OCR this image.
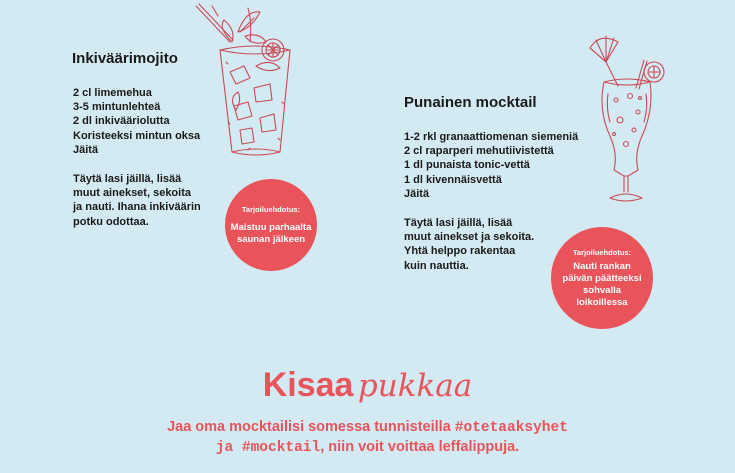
Inkiväärimojito
2 cl limemehua
3-5 mintunlehteä
2 dl inkivääriolutta
Koristeeksi mintun oksa
Jäitä
Täytä lasi jäillä, lisää
muut ainekset, sekoita
ja nauti. Ihana inkiväärin
potku odottaa.
Tarjoiluehdotus:
Maistuu parhaalta
saunan jälkeen
Punainen mocktail
1-2 rkl granaattiomenan siemeniä
2 cl raparperi mehutiivistettä
1 dl punaista tonic-vettä
1 dl kivennäisvettä
Jäitä
Täytä lasi jäillä, lisää
muut ainekset ja sekoita.
Yhtä helppo rakentaa
kuin nauttia.
Tarjoiluehdotus:
Nauti rankan
päivän päätteeksi
sohvalla
loikoillessa
Kisaa pukkaa
Jaa oma mocktailisi somessa tunnisteilla #otetaaksyhet
ja #mocktail, niin voit voittaa leffalippuja.
